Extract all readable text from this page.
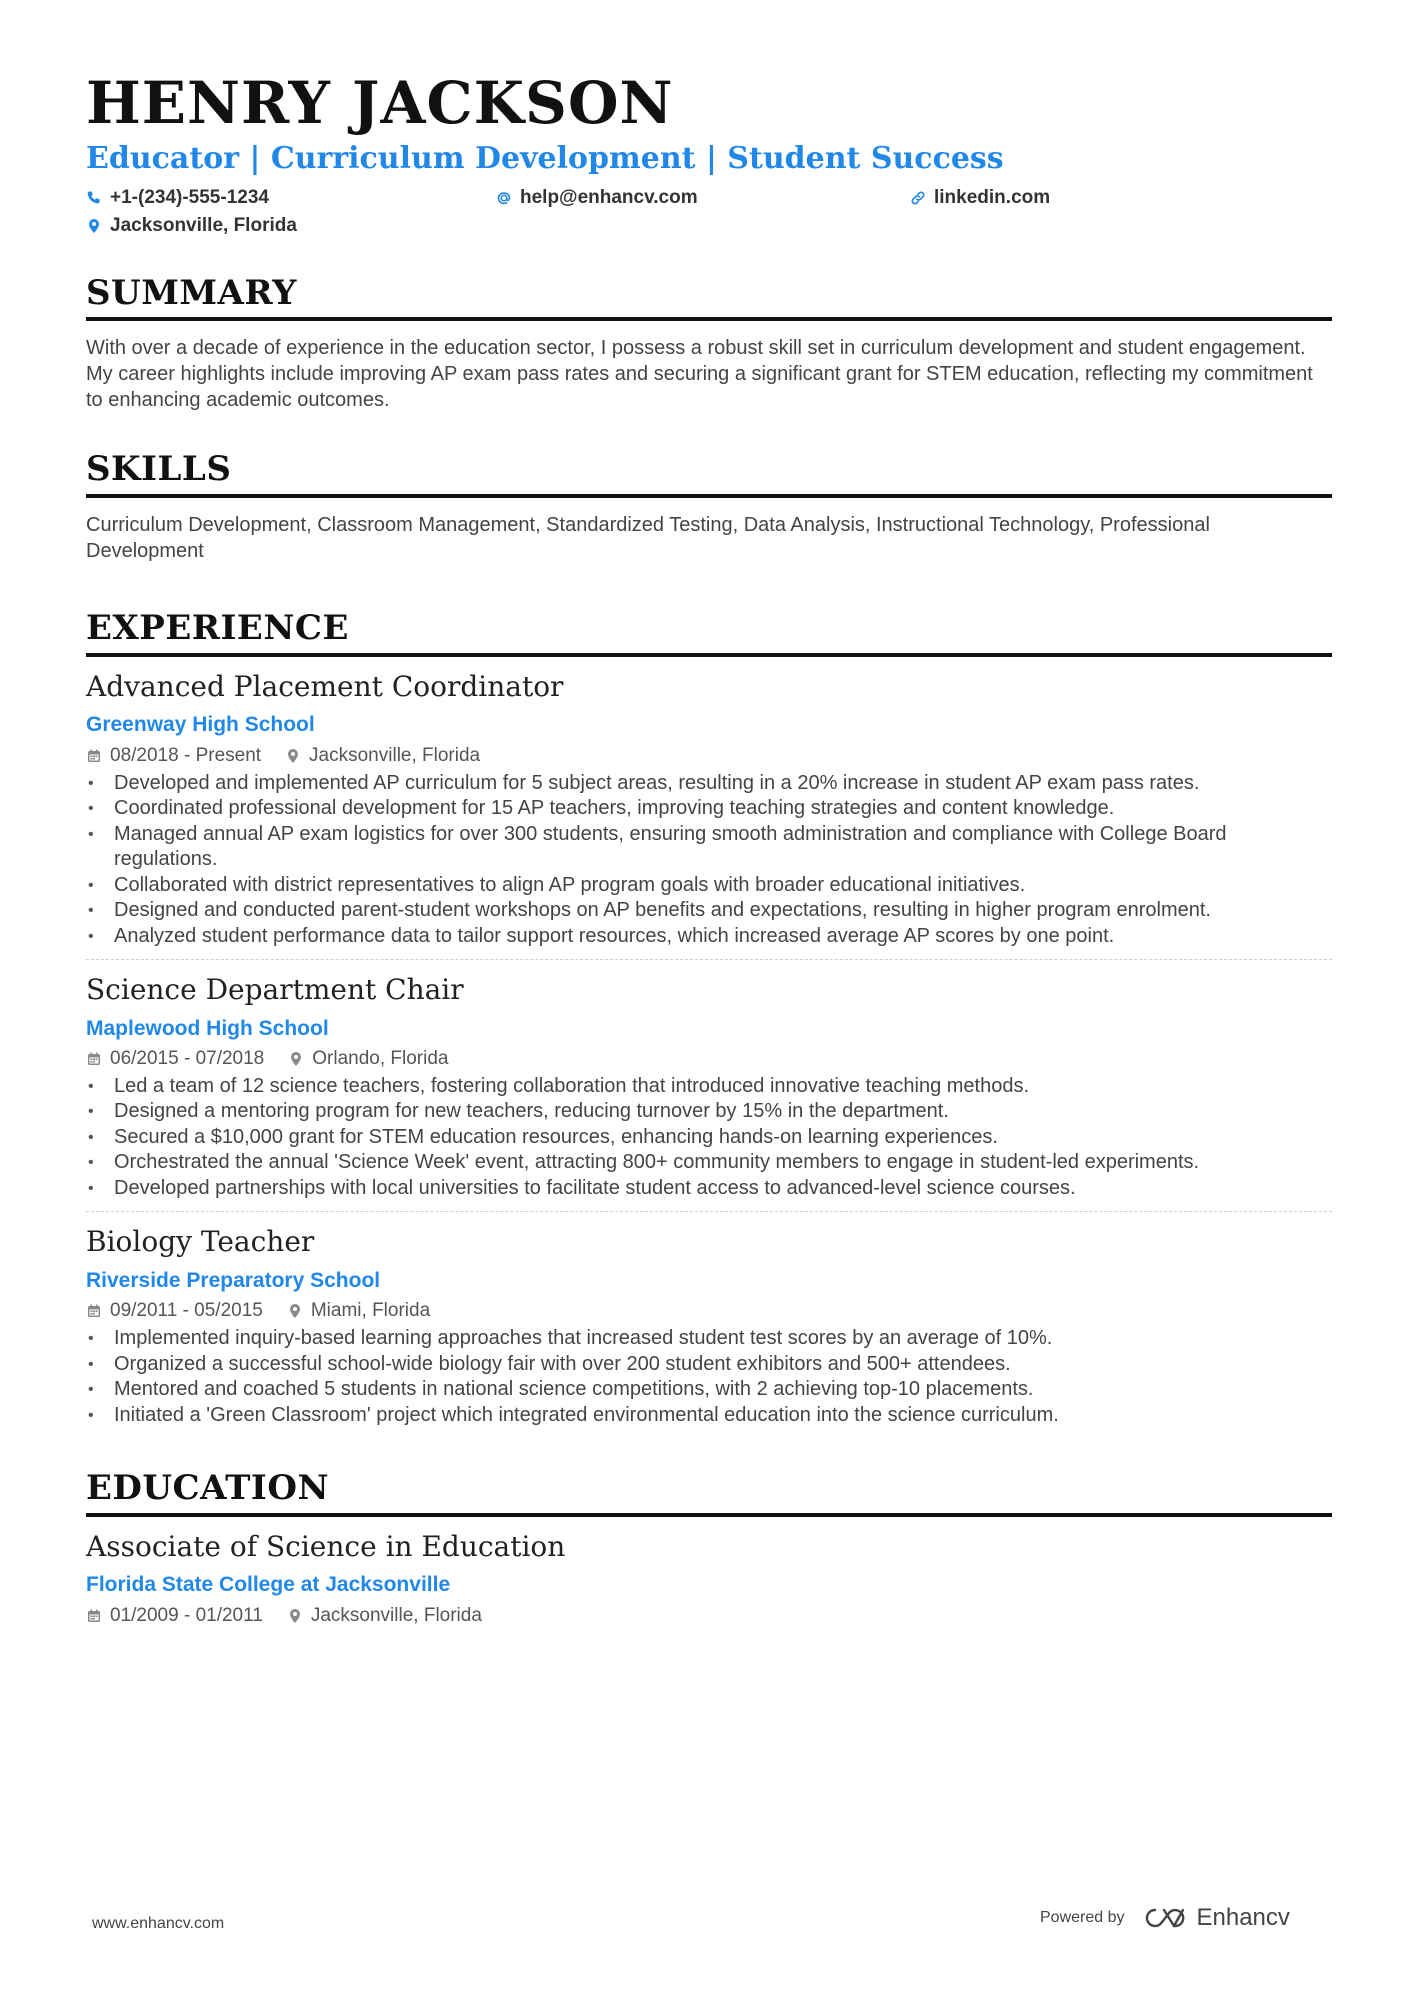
HENRY JACKSON
Educator | Curriculum Development | Student Success
+1-(234)-555-1234	help@enhancv.com	linkedin.com
Jacksonville, Florida
SUMMARY

With over a decade of experience in the education sector, I possess a robust skill set in curriculum development and student engagement. My career highlights include improving AP exam pass rates and securing a significant grant for STEM education, reflecting my commitment to enhancing academic outcomes.

SKILLS

Curriculum Development, Classroom Management, Standardized Testing, Data Analysis, Instructional Technology, Professional Development

EXPERIENCE
Advanced Placement Coordinator
Greenway High School
08/2018 - Present	Jacksonville, Florida
• Developed and implemented AP curriculum for 5 subject areas, resulting in a 20% increase in student AP exam pass rates.
• Coordinated professional development for 15 AP teachers, improving teaching strategies and content knowledge.
• Managed annual AP exam logistics for over 300 students, ensuring smooth administration and compliance with College Board regulations.
• Collaborated with district representatives to align AP program goals with broader educational initiatives.
• Designed and conducted parent-student workshops on AP benefits and expectations, resulting in higher program enrolment.
• Analyzed student performance data to tailor support resources, which increased average AP scores by one point.
Science Department Chair
Maplewood High School
06/2015 - 07/2018	Orlando, Florida
• Led a team of 12 science teachers, fostering collaboration that introduced innovative teaching methods.
• Designed a mentoring program for new teachers, reducing turnover by 15% in the department.
• Secured a $10,000 grant for STEM education resources, enhancing hands-on learning experiences.
• Orchestrated the annual 'Science Week' event, attracting 800+ community members to engage in student-led experiments.
• Developed partnerships with local universities to facilitate student access to advanced-level science courses.
Biology Teacher
Riverside Preparatory School
09/2011 - 05/2015	Miami, Florida
• Implemented inquiry-based learning approaches that increased student test scores by an average of 10%.
• Organized a successful school-wide biology fair with over 200 student exhibitors and 500+ attendees.
• Mentored and coached 5 students in national science competitions, with 2 achieving top-10 placements.
• Initiated a 'Green Classroom' project which integrated environmental education into the science curriculum.
EDUCATION
Associate of Science in Education
Florida State College at Jacksonville
01/2009 - 01/2011	Jacksonville, Florida
www.enhancv.com	Powered by	Enhancv
